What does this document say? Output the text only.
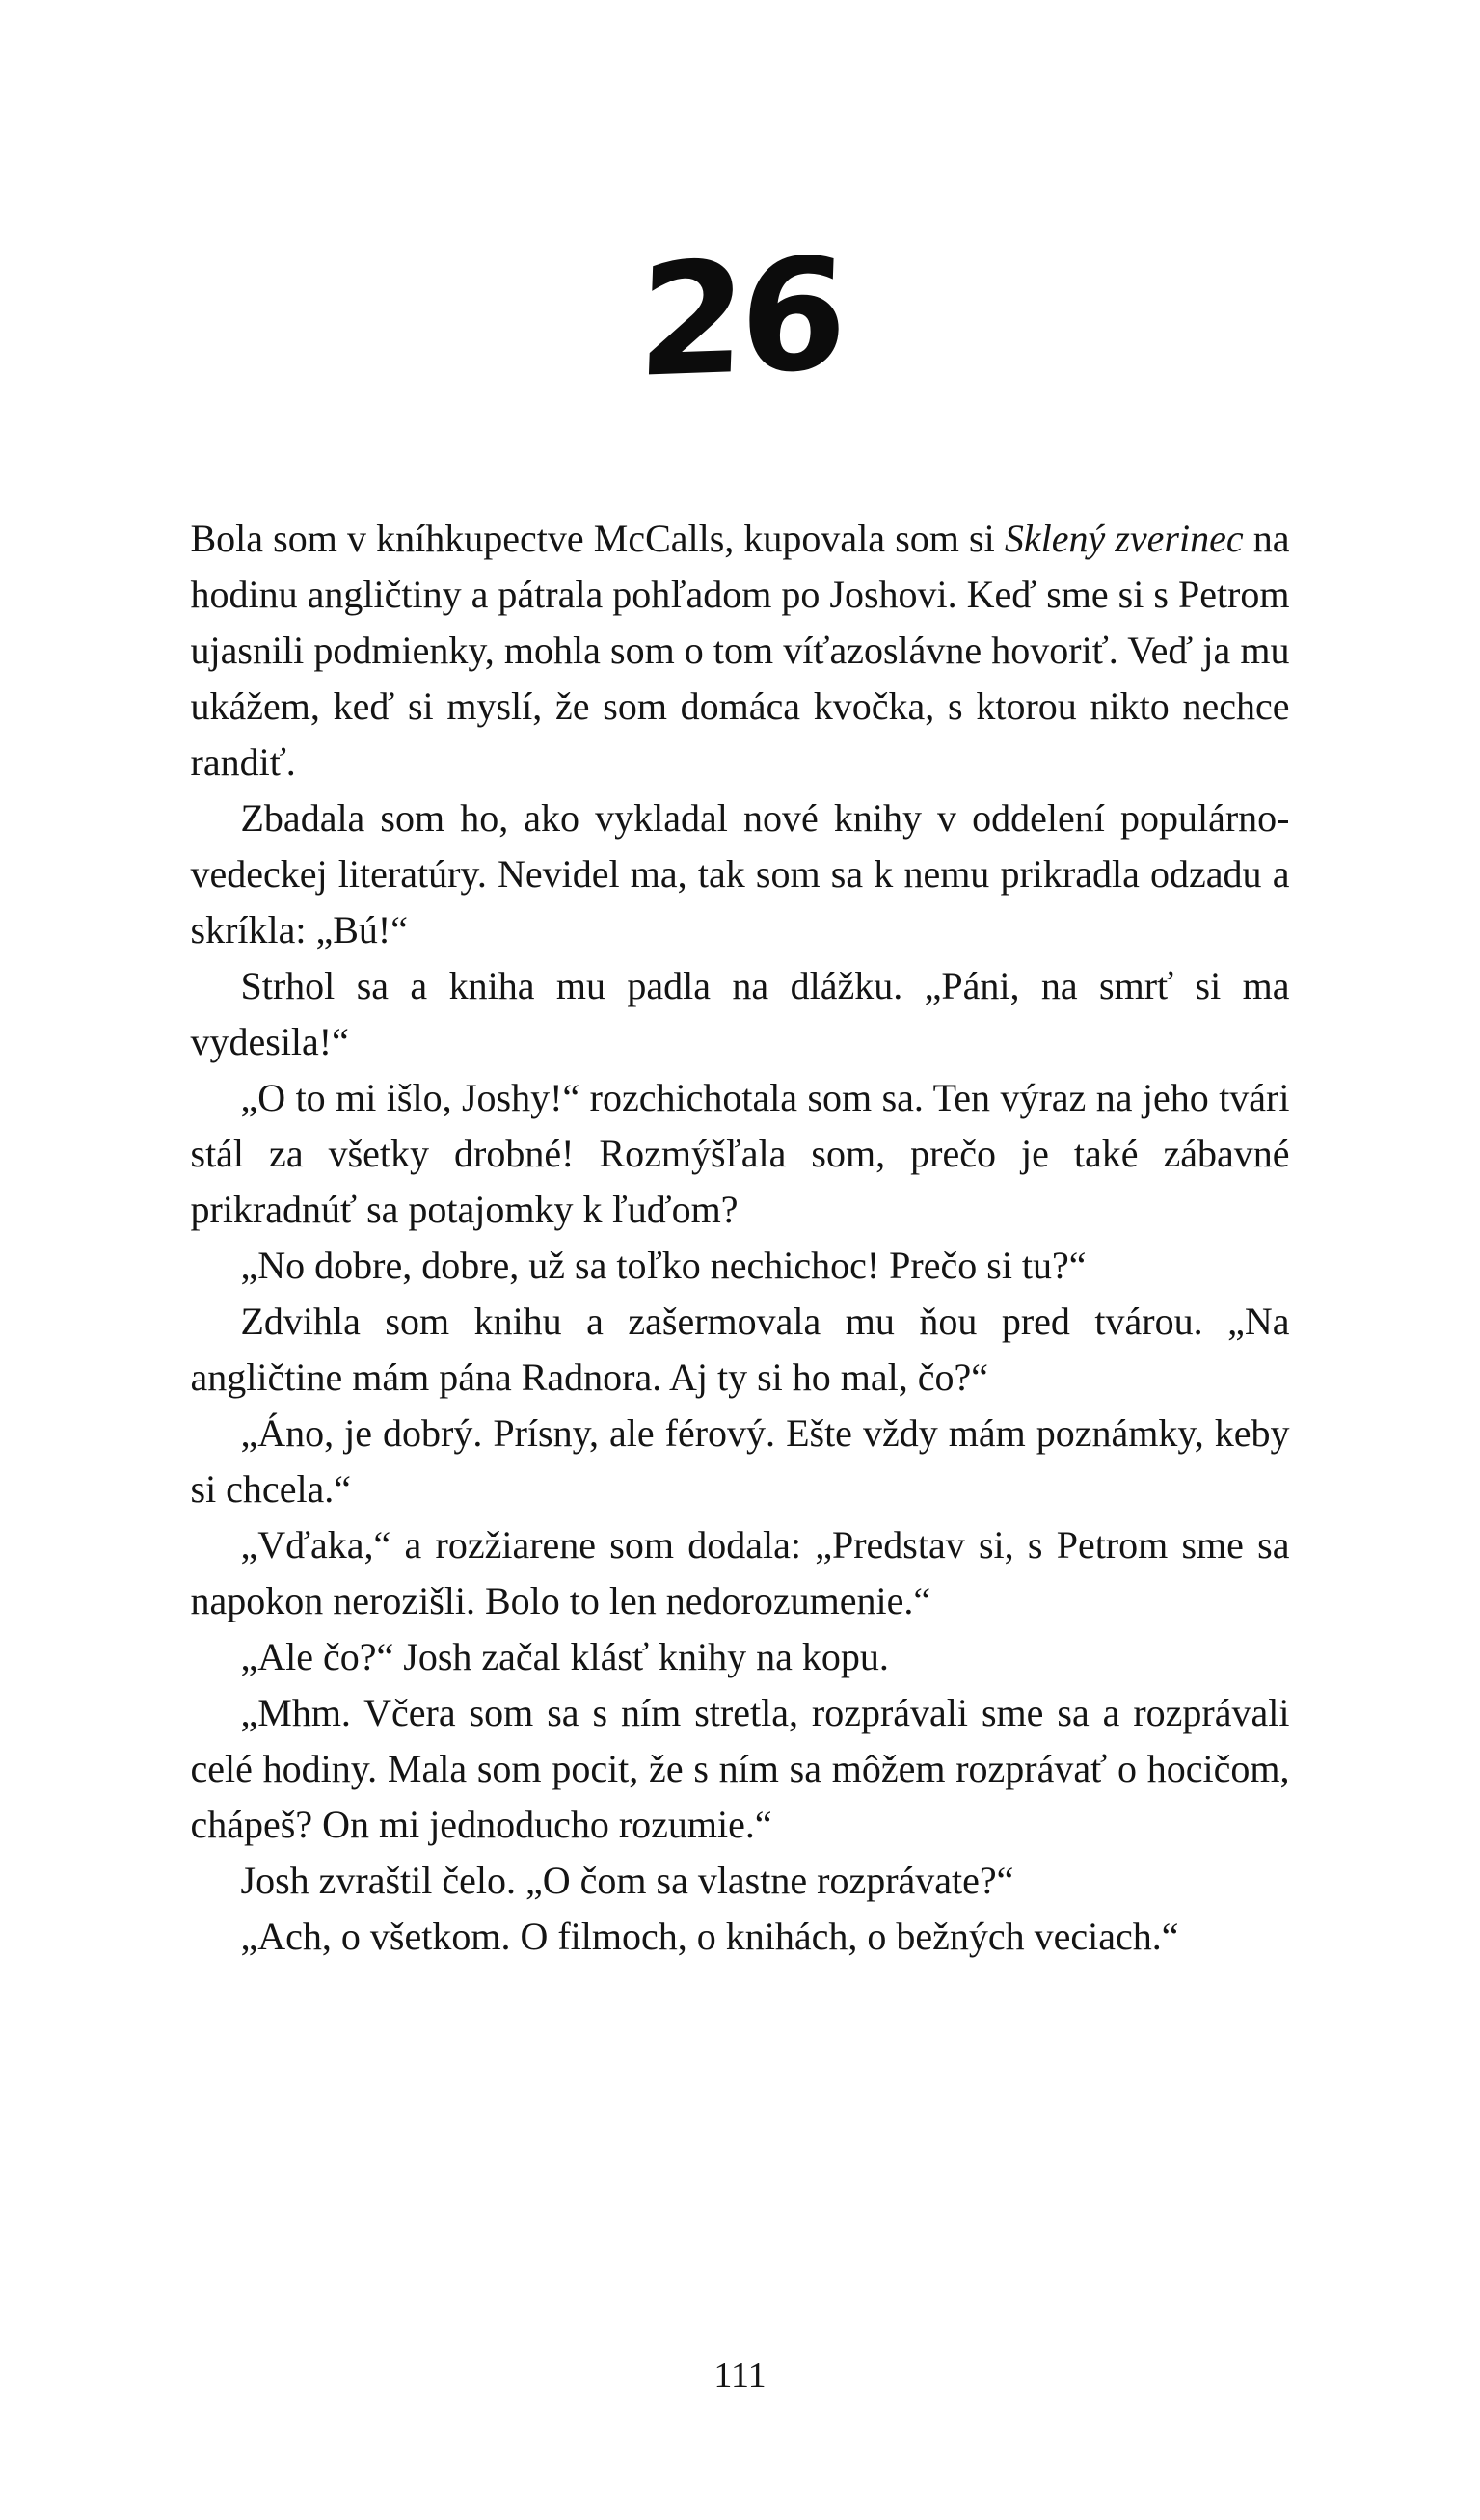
26

Bola som v kníhkupectve McCalls, kupovala som si Sklený zverinec na hodinu angličtiny a pátrala pohľadom po Joshovi. Keď sme si s Petrom ujasnili podmienky, mohla som o tom víťazoslávne hovoriť. Veď ja mu ukážem, keď si myslí, že som domáca kvočka, s ktorou nikto nechce randiť.

Zbadala som ho, ako vykladal nové knihy v oddelení populárno-vedeckej literatúry. Nevidel ma, tak som sa k nemu prikradla odzadu a skríkla: „Bú!“

Strhol sa a kniha mu padla na dlážku. „Páni, na smrť si ma vydesila!“

„O to mi išlo, Joshy!“ rozchichotala som sa. Ten výraz na jeho tvári stál za všetky drobné! Rozmýšľala som, prečo je také zábavné prikradnúť sa potajomky k ľuďom?

„No dobre, dobre, už sa toľko nechichoc! Prečo si tu?“

Zdvihla som knihu a zašermovala mu ňou pred tvárou. „Na angličtine mám pána Radnora. Aj ty si ho mal, čo?“

„Áno, je dobrý. Prísny, ale férový. Ešte vždy mám poznámky, keby si chcela.“

„Vďaka,“ a rozžiarene som dodala: „Predstav si, s Petrom sme sa napokon nerozišli. Bolo to len nedorozumenie.“

„Ale čo?“ Josh začal klásť knihy na kopu.

„Mhm. Včera som sa s ním stretla, rozprávali sme sa a rozprávali celé hodiny. Mala som pocit, že s ním sa môžem rozprávať o hocičom, chápeš? On mi jednoducho rozumie.“

Josh zvraštil čelo. „O čom sa vlastne rozprávate?“

„Ach, o všetkom. O filmoch, o knihách, o bežných veciach.“

111
